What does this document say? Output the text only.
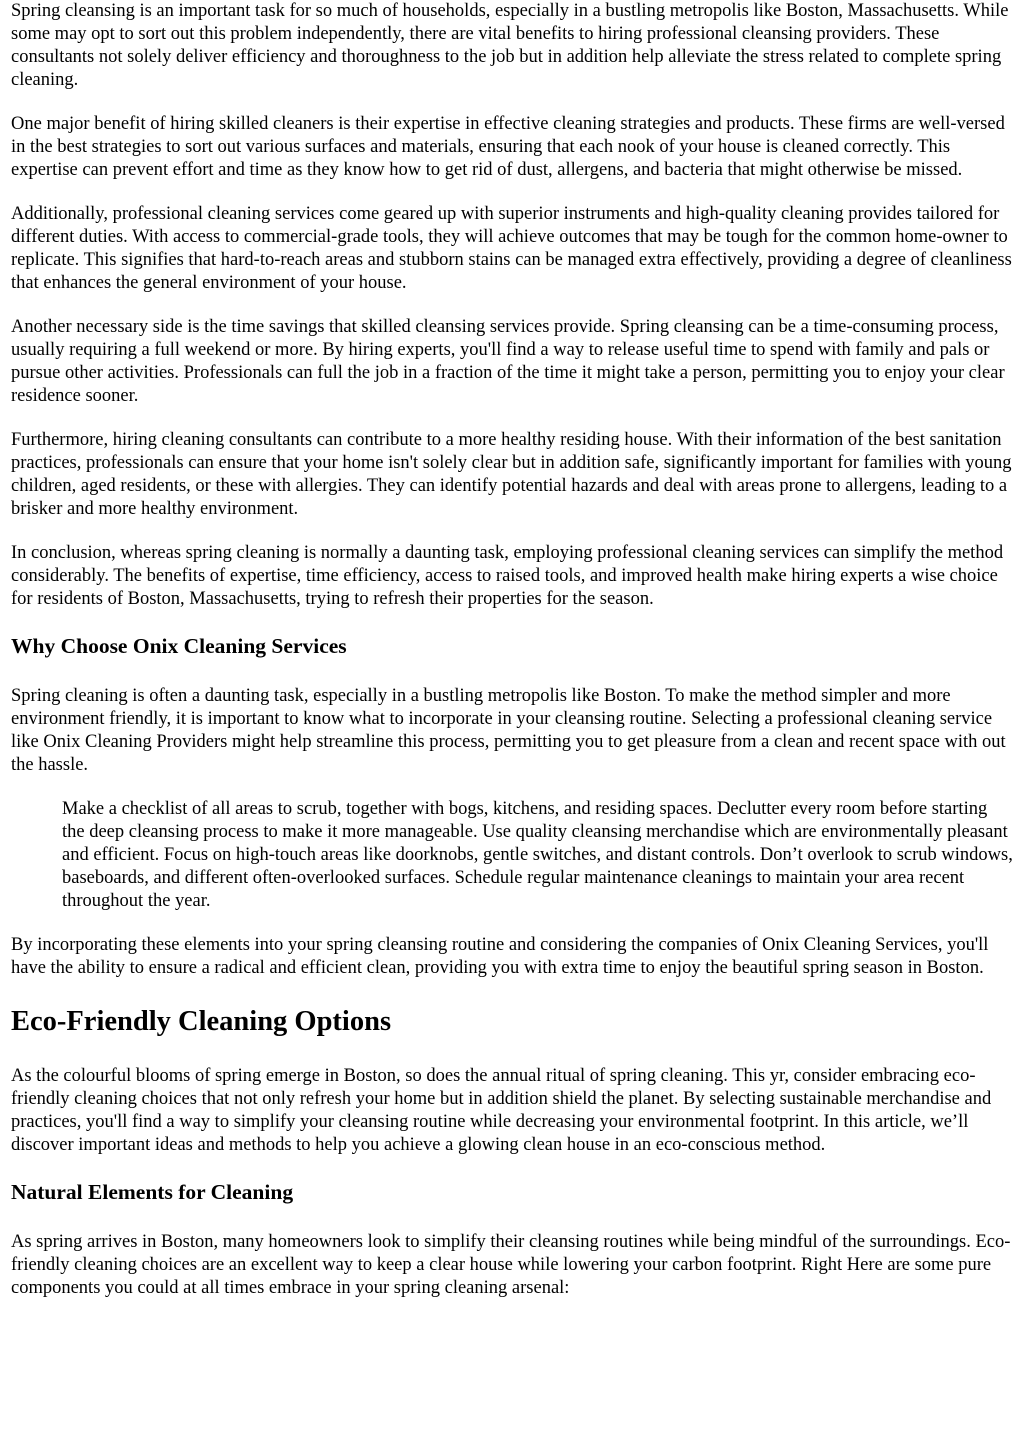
Spring cleansing is an important task for so much of households, especially in a bustling metropolis like Boston, Massachusetts. While some may opt to sort out this problem independently, there are vital benefits to hiring professional cleansing providers. These consultants not solely deliver efficiency and thoroughness to the job but in addition help alleviate the stress related to complete spring cleaning.

One major benefit of hiring skilled cleaners is their expertise in effective cleaning strategies and products. These firms are well-versed in the best strategies to sort out various surfaces and materials, ensuring that each nook of your house is cleaned correctly. This expertise can prevent effort and time as they know how to get rid of dust, allergens, and bacteria that might otherwise be missed.

Additionally, professional cleaning services come geared up with superior instruments and high-quality cleaning provides tailored for different duties. With access to commercial-grade tools, they will achieve outcomes that may be tough for the common home-owner to replicate. This signifies that hard-to-reach areas and stubborn stains can be managed extra effectively, providing a degree of cleanliness that enhances the general environment of your house.

Another necessary side is the time savings that skilled cleansing services provide. Spring cleansing can be a time-consuming process, usually requiring a full weekend or more. By hiring experts, you'll find a way to release useful time to spend with family and pals or pursue other activities. Professionals can full the job in a fraction of the time it might take a person, permitting you to enjoy your clear residence sooner.

Furthermore, hiring cleaning consultants can contribute to a more healthy residing house. With their information of the best sanitation practices, professionals can ensure that your home isn't solely clear but in addition safe, significantly important for families with young children, aged residents, or these with allergies. They can identify potential hazards and deal with areas prone to allergens, leading to a brisker and more healthy environment.

In conclusion, whereas spring cleaning is normally a daunting task, employing professional cleaning services can simplify the method considerably. The benefits of expertise, time efficiency, access to raised tools, and improved health make hiring experts a wise choice for residents of Boston, Massachusetts, trying to refresh their properties for the season.

Why Choose Onix Cleaning Services

Spring cleaning is often a daunting task, especially in a bustling metropolis like Boston. To make the method simpler and more environment friendly, it is important to know what to incorporate in your cleansing routine. Selecting a professional cleaning service like Onix Cleaning Providers might help streamline this process, permitting you to get pleasure from a clean and recent space with out the hassle.

Make a checklist of all areas to scrub, together with bogs, kitchens, and residing spaces. Declutter every room before starting the deep cleansing process to make it more manageable. Use quality cleansing merchandise which are environmentally pleasant and efficient. Focus on high-touch areas like doorknobs, gentle switches, and distant controls. Don’t overlook to scrub windows, baseboards, and different often-overlooked surfaces. Schedule regular maintenance cleanings to maintain your area recent throughout the year.

By incorporating these elements into your spring cleansing routine and considering the companies of Onix Cleaning Services, you'll have the ability to ensure a radical and efficient clean, providing you with extra time to enjoy the beautiful spring season in Boston.

Eco-Friendly Cleaning Options

As the colourful blooms of spring emerge in Boston, so does the annual ritual of spring cleaning. This yr, consider embracing eco-friendly cleaning choices that not only refresh your home but in addition shield the planet. By selecting sustainable merchandise and practices, you'll find a way to simplify your cleansing routine while decreasing your environmental footprint. In this article, we’ll discover important ideas and methods to help you achieve a glowing clean house in an eco-conscious method.

Natural Elements for Cleaning

As spring arrives in Boston, many homeowners look to simplify their cleansing routines while being mindful of the surroundings. Eco-friendly cleaning choices are an excellent way to keep a clear house while lowering your carbon footprint. Right Here are some pure components you could at all times embrace in your spring cleaning arsenal:
